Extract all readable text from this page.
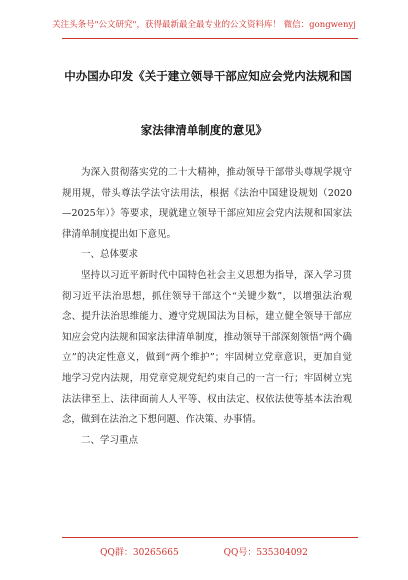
关注头条号"公文研究"，获得最新最全最专业的公文资料库！ 微信：gongwenyj
中办国办印发《关于建立领导干部应知应会党内法规和国
家法律清单制度的意见》

为深入贯彻落实党的二十大精神，推动领导干部带头尊规学规守规用规，带头尊法学法守法用法，根据《法治中国建设规划（2020—2025年）》等要求，现就建立领导干部应知应会党内法规和国家法律清单制度提出如下意见。

一、总体要求

坚持以习近平新时代中国特色社会主义思想为指导，深入学习贯彻习近平法治思想，抓住领导干部这个“关键少数”，以增强法治观念、提升法治思维能力、遵守党规国法为目标，建立健全领导干部应知应会党内法规和国家法律清单制度，推动领导干部深刻领悟“两个确立”的决定性意义，做到“两个维护”；牢固树立党章意识，更加自觉地学习党内法规，用党章党规党纪约束自己的一言一行；牢固树立宪法法律至上、法律面前人人平等、权由法定、权依法使等基本法治观念，做到在法治之下想问题、作决策、办事情。

二、学习重点

QQ群：30265665	QQ号：535304092
